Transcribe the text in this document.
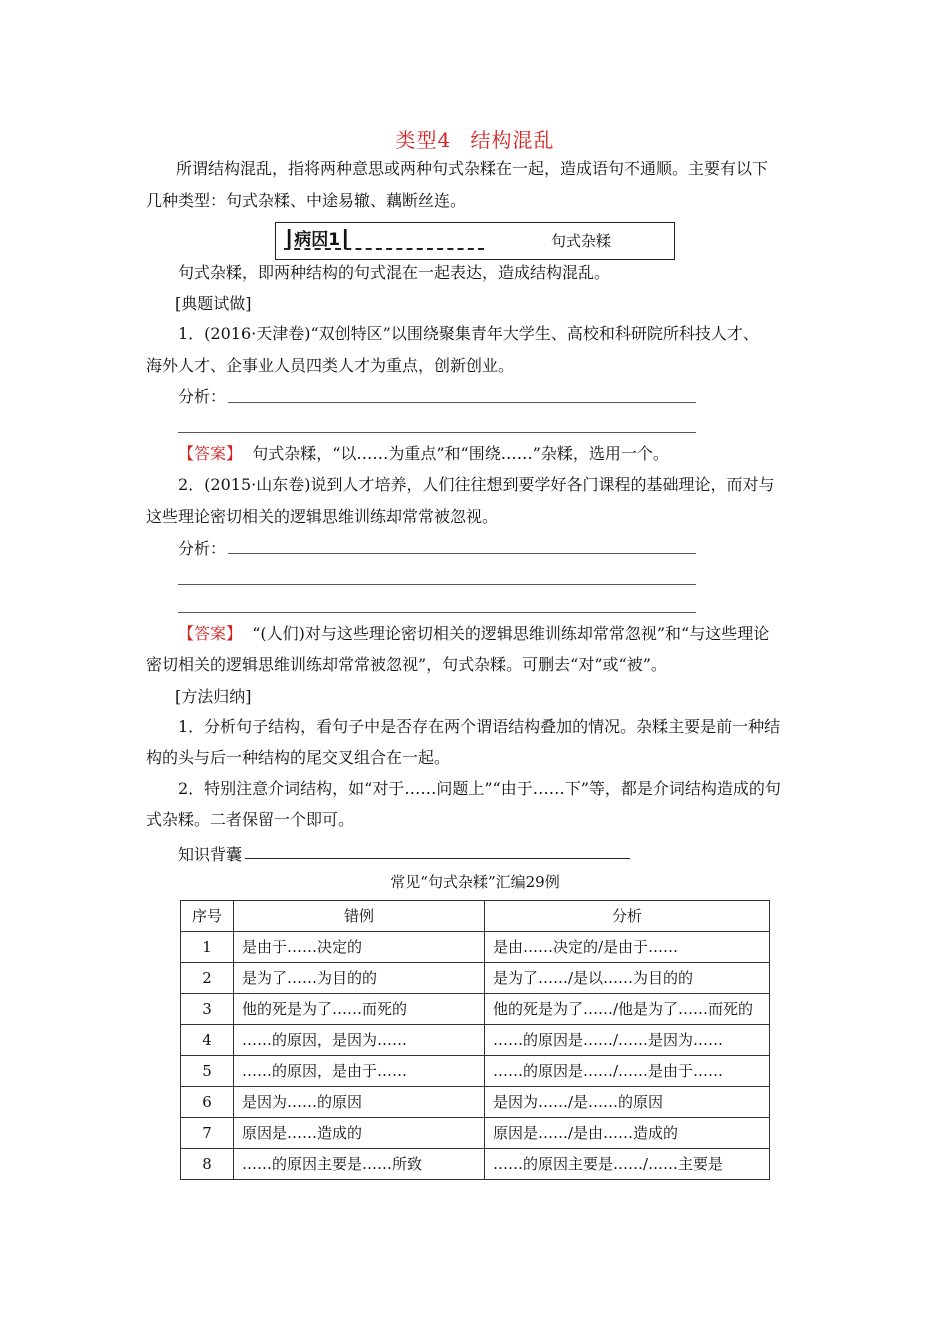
类型4 结构混乱
所谓结构混乱，指将两种意思或两种句式杂糅在一起，造成语句不通顺。主要有以下
几种类型：句式杂糅、中途易辙、藕断丝连。
┃病因1┃	句式杂糅
句式杂糅，即两种结构的句式混在一起表达，造成结构混乱。
[典题试做]
1．(2016·天津卷)“双创特区”以围绕聚集青年大学生、高校和科研院所科技人才、
海外人才、企事业人员四类人才为重点，创新创业。
分析：
【答案】 句式杂糅，“以……为重点”和“围绕……”杂糅，选用一个。
2．(2015·山东卷)说到人才培养，人们往往想到要学好各门课程的基础理论，而对与
这些理论密切相关的逻辑思维训练却常常被忽视。
分析：
【答案】 “(人们)对与这些理论密切相关的逻辑思维训练却常常忽视”和“与这些理论
密切相关的逻辑思维训练却常常被忽视”，句式杂糅。可删去“对”或“被”。
[方法归纳]
1．分析句子结构，看句子中是否存在两个谓语结构叠加的情况。杂糅主要是前一种结
构的头与后一种结构的尾交叉组合在一起。
2．特别注意介词结构，如“对于……问题上”“由于……下”等，都是介词结构造成的句
式杂糅。二者保留一个即可。
知识背囊
常见“句式杂糅”汇编29例
序号	错例	分析
1	是由于……决定的	是由……决定的/是由于……
2	是为了……为目的的	是为了……/是以……为目的的
3	他的死是为了……而死的	他的死是为了……/他是为了……而死的
4	……的原因，是因为……	……的原因是……/……是因为……
5	……的原因，是由于……	……的原因是……/……是由于……
6	是因为……的原因	是因为……/是……的原因
7	原因是……造成的	原因是……/是由……造成的
8	……的原因主要是……所致	……的原因主要是……/……主要是
